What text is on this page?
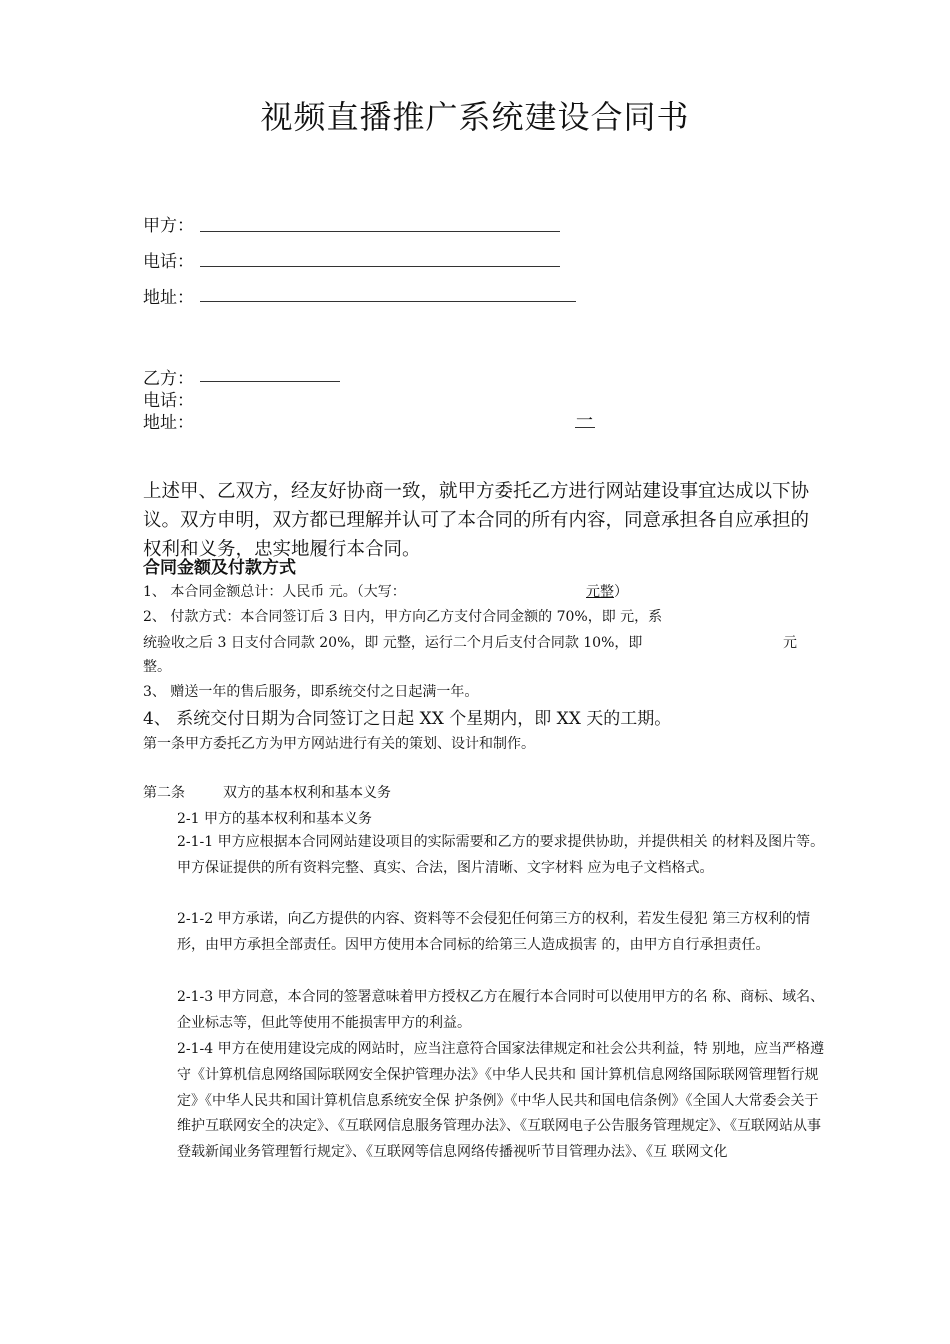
视频直播推广系统建设合同书
甲方：
电话：
地址：
乙方：
电话：
地址：	一
上述甲、乙双方，经友好协商一致，就甲方委托乙方进行网站建设事宜达成以下协议。双方申明，双方都已理解并认可了本合同的所有内容，同意承担各自应承担的权利和义务，忠实地履行本合同。
合同金额及付款方式
1、 本合同金额总计：人民币 元。（大写：	元整）
2、 付款方式：本合同签订后 3 日内，甲方向乙方支付合同金额的 70%，即 元，系
统验收之后 3 日支付合同款 20%，即 元整，运行二个月后支付合同款 10%，即	元
整。
3、 赠送一年的售后服务，即系统交付之日起满一年。
4、 系统交付日期为合同签订之日起 XX 个星期内，即 XX 天的工期。
第一条甲方委托乙方为甲方网站进行有关的策划、设计和制作。
第二条	双方的基本权利和基本义务
2-1 甲方的基本权利和基本义务
2-1-1 甲方应根据本合同网站建设项目的实际需要和乙方的要求提供协助，并提供相关 的材料及图片等。甲方保证提供的所有资料完整、真实、合法，图片清晰、文字材料 应为电子文档格式。
2-1-2 甲方承诺，向乙方提供的内容、资料等不会侵犯任何第三方的权利，若发生侵犯 第三方权利的情形，由甲方承担全部责任。因甲方使用本合同标的给第三人造成损害 的，由甲方自行承担责任。
2-1-3 甲方同意，本合同的签署意味着甲方授权乙方在履行本合同时可以使用甲方的名 称、商标、域名、企业标志等，但此等使用不能损害甲方的利益。
2-1-4 甲方在使用建设完成的网站时，应当注意符合国家法律规定和社会公共利益，特 别地，应当严格遵守《计算机信息网络国际联网安全保护管理办法》《中华人民共和 国计算机信息网络国际联网管理暂行规定》《中华人民共和国计算机信息系统安全保 护条例》《中华人民共和国电信条例》《全国人大常委会关于维护互联网安全的决定》、《互联网信息服务管理办法》、《互联网电子公告服务管理规定》、《互联网站从事 登载新闻业务管理暂行规定》、《互联网等信息网络传播视听节目管理办法》、《互 联网文化
